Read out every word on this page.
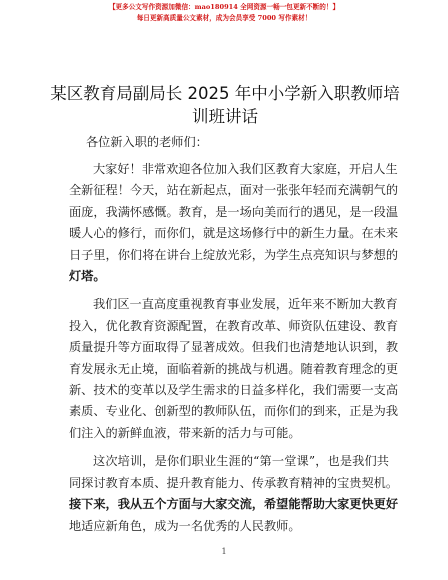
【更多公文写作资源加微信：mao180914 全网资源一畅一包更新不断的！】
每日更新高质量公文素材，成为会员享受 7000 写作素材！
某区教育局副局长 2025 年中小学新入职教师培
训班讲话
各位新入职的老师们：
大家好！非常欢迎各位加入我们区教育大家庭，开启人生
全新征程！今天，站在新起点，面对一张张年轻而充满朝气的
面庞，我满怀感慨。教育，是一场向美而行的遇见，是一段温
暖人心的修行，而你们，就是这场修行中的新生力量。在未来
日子里，你们将在讲台上绽放光彩，为学生点亮知识与梦想的
灯塔。
我们区一直高度重视教育事业发展，近年来不断加大教育
投入，优化教育资源配置，在教育改革、师资队伍建设、教育
质量提升等方面取得了显著成效。但我们也清楚地认识到，教
育发展永无止境，面临着新的挑战与机遇。随着教育理念的更
新、技术的变革以及学生需求的日益多样化，我们需要一支高
素质、专业化、创新型的教师队伍，而你们的到来，正是为我
们注入的新鲜血液，带来新的活力与可能。
这次培训，是你们职业生涯的“第一堂课”，也是我们共
同探讨教育本质、提升教育能力、传承教育精神的宝贵契机。
接下来，我从五个方面与大家交流，希望能帮助大家更快更好
地适应新角色，成为一名优秀的人民教师。
1
